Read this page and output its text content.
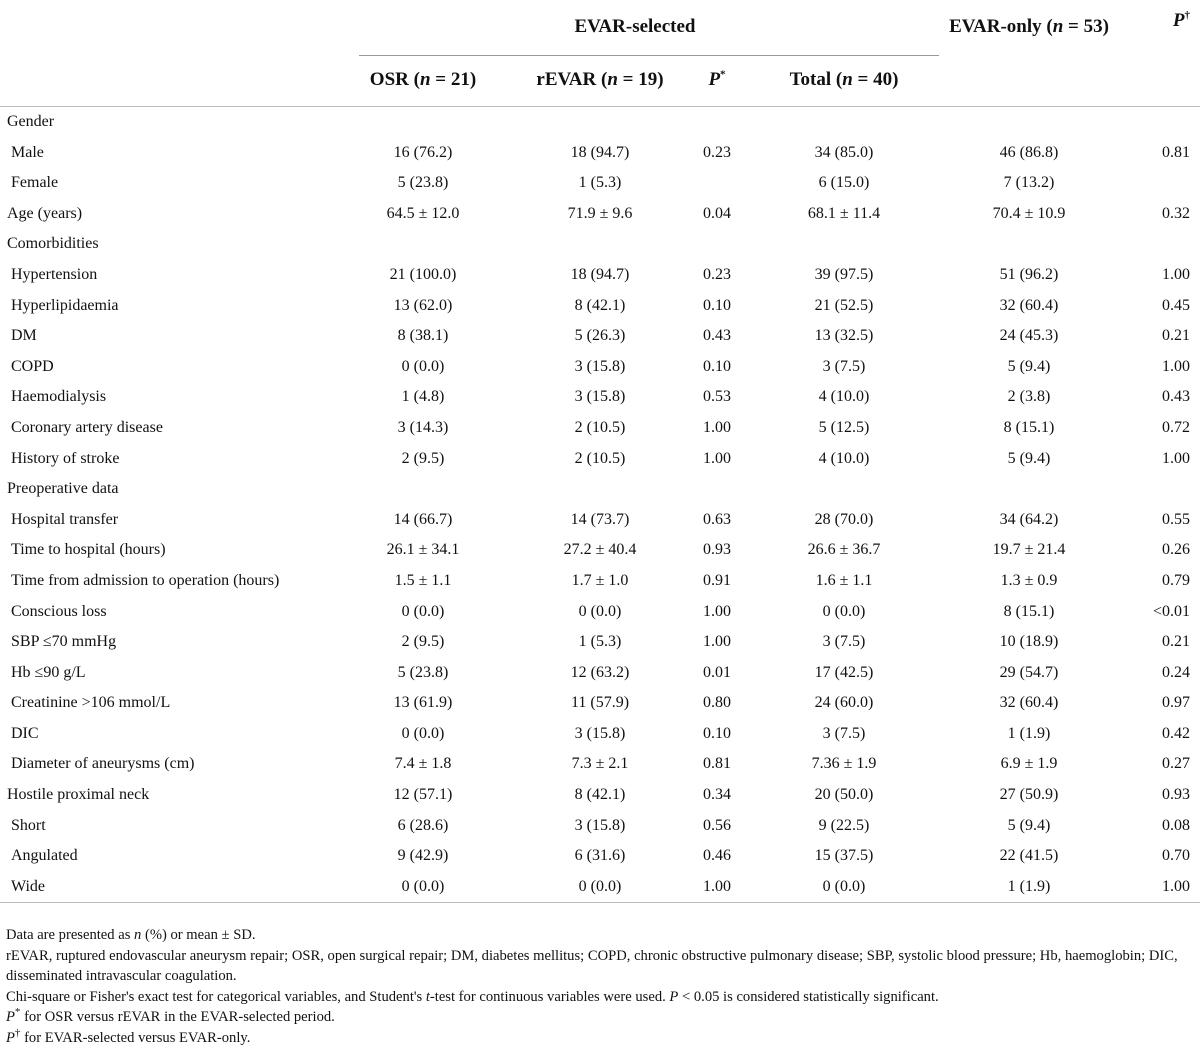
	EVAR-selected				EVAR-only (n = 53)	P†
	OSR (n = 21)	rEVAR (n = 19)	P*	Total (n = 40)		
Gender						
Male	16 (76.2)	18 (94.7)	0.23	34 (85.0)	46 (86.8)	0.81
Female	5 (23.8)	1 (5.3)		6 (15.0)	7 (13.2)	
Age (years)	64.5 ± 12.0	71.9 ± 9.6	0.04	68.1 ± 11.4	70.4 ± 10.9	0.32
Comorbidities						
Hypertension	21 (100.0)	18 (94.7)	0.23	39 (97.5)	51 (96.2)	1.00
Hyperlipidaemia	13 (62.0)	8 (42.1)	0.10	21 (52.5)	32 (60.4)	0.45
DM	8 (38.1)	5 (26.3)	0.43	13 (32.5)	24 (45.3)	0.21
COPD	0 (0.0)	3 (15.8)	0.10	3 (7.5)	5 (9.4)	1.00
Haemodialysis	1 (4.8)	3 (15.8)	0.53	4 (10.0)	2 (3.8)	0.43
Coronary artery disease	3 (14.3)	2 (10.5)	1.00	5 (12.5)	8 (15.1)	0.72
History of stroke	2 (9.5)	2 (10.5)	1.00	4 (10.0)	5 (9.4)	1.00
Preoperative data						
Hospital transfer	14 (66.7)	14 (73.7)	0.63	28 (70.0)	34 (64.2)	0.55
Time to hospital (hours)	26.1 ± 34.1	27.2 ± 40.4	0.93	26.6 ± 36.7	19.7 ± 21.4	0.26
Time from admission to operation (hours)	1.5 ± 1.1	1.7 ± 1.0	0.91	1.6 ± 1.1	1.3 ± 0.9	0.79
Conscious loss	0 (0.0)	0 (0.0)	1.00	0 (0.0)	8 (15.1)	<0.01
SBP ≤70 mmHg	2 (9.5)	1 (5.3)	1.00	3 (7.5)	10 (18.9)	0.21
Hb ≤90 g/L	5 (23.8)	12 (63.2)	0.01	17 (42.5)	29 (54.7)	0.24
Creatinine >106 mmol/L	13 (61.9)	11 (57.9)	0.80	24 (60.0)	32 (60.4)	0.97
DIC	0 (0.0)	3 (15.8)	0.10	3 (7.5)	1 (1.9)	0.42
Diameter of aneurysms (cm)	7.4 ± 1.8	7.3 ± 2.1	0.81	7.36 ± 1.9	6.9 ± 1.9	0.27
Hostile proximal neck	12 (57.1)	8 (42.1)	0.34	20 (50.0)	27 (50.9)	0.93
Short	6 (28.6)	3 (15.8)	0.56	9 (22.5)	5 (9.4)	0.08
Angulated	9 (42.9)	6 (31.6)	0.46	15 (37.5)	22 (41.5)	0.70
Wide	0 (0.0)	0 (0.0)	1.00	0 (0.0)	1 (1.9)	1.00

Data are presented as n (%) or mean ± SD.

rEVAR, ruptured endovascular aneurysm repair; OSR, open surgical repair; DM, diabetes mellitus; COPD, chronic obstructive pulmonary disease; SBP, systolic blood pressure; Hb, haemoglobin; DIC, disseminated intravascular coagulation.

Chi-square or Fisher's exact test for categorical variables, and Student's t-test for continuous variables were used. P < 0.05 is considered statistically significant.

P* for OSR versus rEVAR in the EVAR-selected period.

P† for EVAR-selected versus EVAR-only.
